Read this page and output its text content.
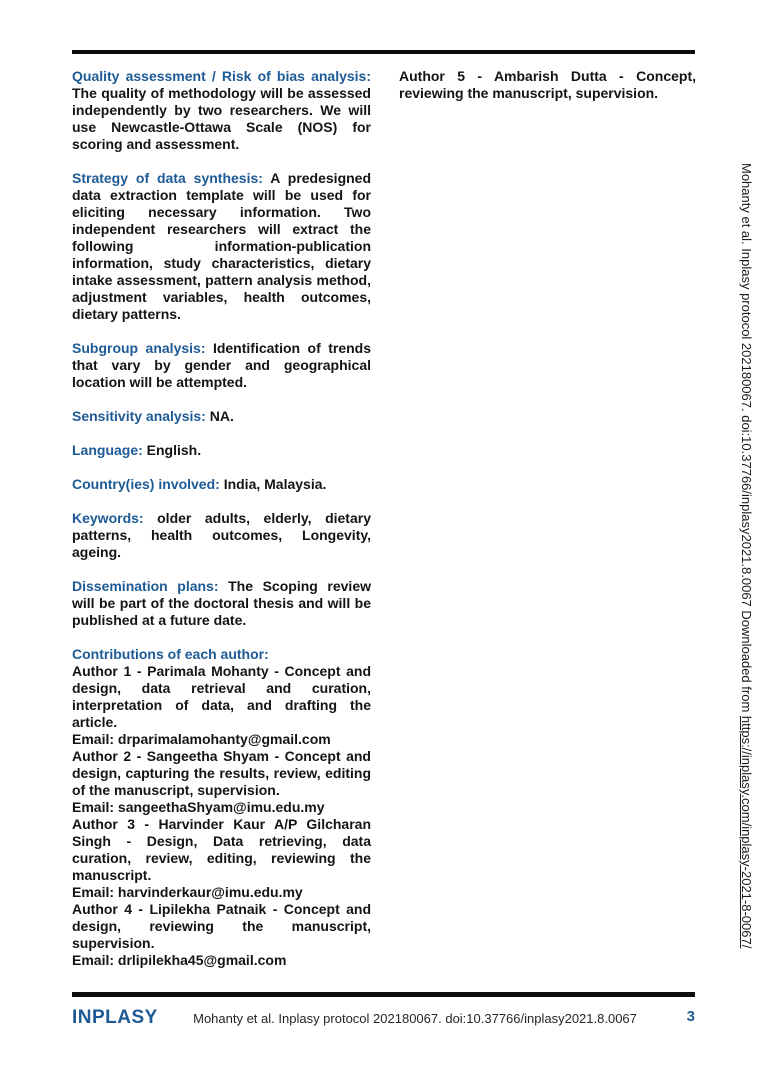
Quality assessment / Risk of bias analysis: The quality of methodology will be assessed independently by two researchers. We will use Newcastle-Ottawa Scale (NOS) for scoring and assessment.

Strategy of data synthesis: A predesigned data extraction template will be used for eliciting necessary information. Two independent researchers will extract the following information-publication information, study characteristics, dietary intake assessment, pattern analysis method, adjustment variables, health outcomes, dietary patterns.

Subgroup analysis: Identification of trends that vary by gender and geographical location will be attempted.

Sensitivity analysis: NA.

Language: English.

Country(ies) involved: India, Malaysia.

Keywords: older adults, elderly, dietary patterns, health outcomes, Longevity, ageing.

Dissemination plans: The Scoping review will be part of the doctoral thesis and will be published at a future date.

Contributions of each author:
Author 1 - Parimala Mohanty - Concept and design, data retrieval and curation, interpretation of data, and drafting the article.
Email: drparimalamohanty@gmail.com
Author 2 - Sangeetha Shyam - Concept and design, capturing the results, review, editing of the manuscript, supervision.
Email: sangeethaShyam@imu.edu.my
Author 3 - Harvinder Kaur A/P Gilcharan Singh - Design, Data retrieving, data curation, review, editing, reviewing the manuscript.
Email: harvinderkaur@imu.edu.my
Author 4 - Lipilekha Patnaik - Concept and design, reviewing the manuscript, supervision.
Email: drlipilekha45@gmail.com

Author 5 - Ambarish Dutta - Concept, reviewing the manuscript, supervision.

Mohanty et al. Inplasy protocol 202180067. doi:10.37766/inplasy2021.8.0067 Downloaded from https://inplasy.com/inplasy-2021-8-0067/
INPLASY	Mohanty et al. Inplasy protocol 202180067. doi:10.37766/inplasy2021.8.0067	3
